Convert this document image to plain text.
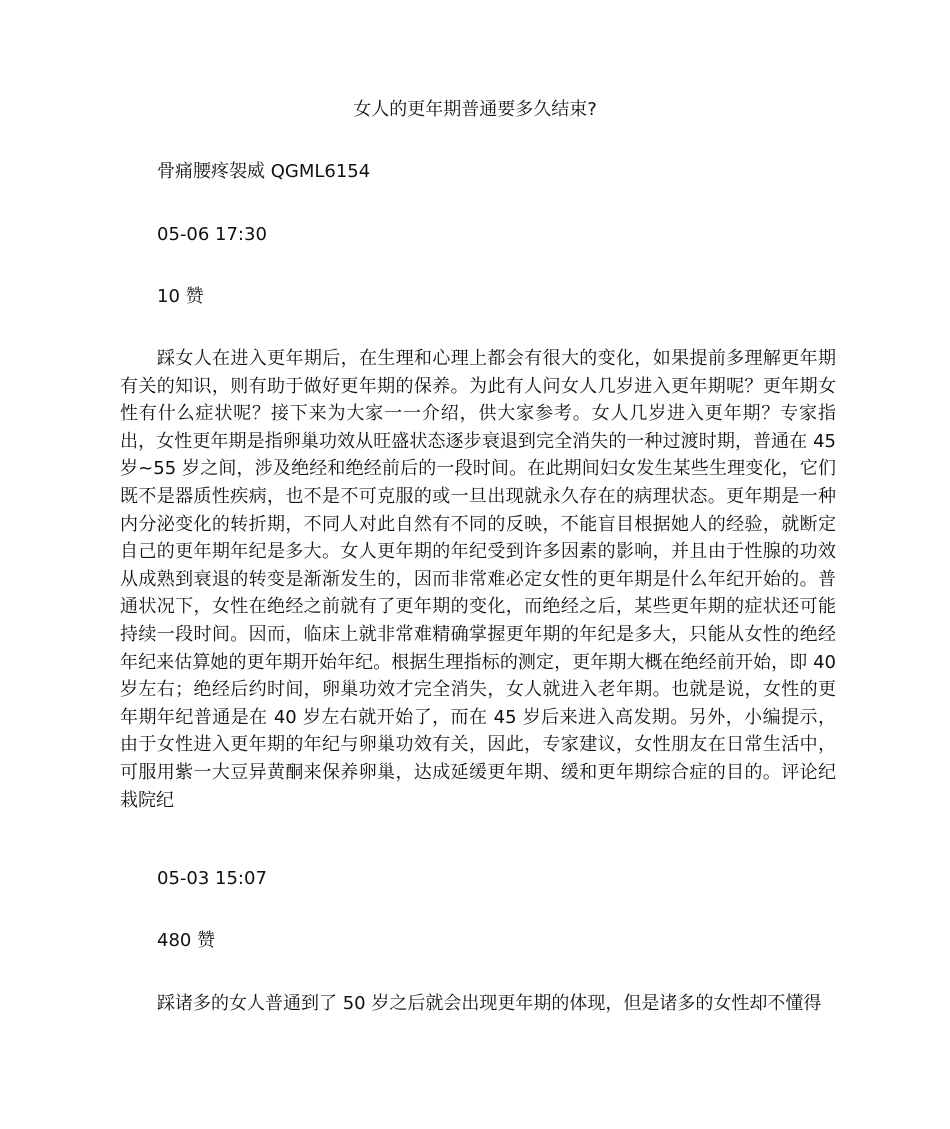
女人的更年期普通要多久结束?
骨痛腰疼袈威 QGML6154
05-06 17:30
10 赞

踩女人在进入更年期后，在生理和心理上都会有很大的变化，如果提前多理解更年期有关的知识，则有助于做好更年期的保养。为此有人问女人几岁进入更年期呢？更年期女性有什么症状呢？接下来为大家一一介绍，供大家参考。女人几岁进入更年期？专家指出，女性更年期是指卵巢功效从旺盛状态逐步衰退到完全消失的一种过渡时期，普通在 45 岁~55 岁之间，涉及绝经和绝经前后的一段时间。在此期间妇女发生某些生理变化，它们既不是器质性疾病，也不是不可克服的或一旦出现就永久存在的病理状态。更年期是一种内分泌变化的转折期，不同人对此自然有不同的反映，不能盲目根据她人的经验，就断定自己的更年期年纪是多大。女人更年期的年纪受到许多因素的影响，并且由于性腺的功效从成熟到衰退的转变是渐渐发生的，因而非常难必定女性的更年期是什么年纪开始的。普通状况下，女性在绝经之前就有了更年期的变化，而绝经之后，某些更年期的症状还可能持续一段时间。因而，临床上就非常难精确掌握更年期的年纪是多大，只能从女性的绝经年纪来估算她的更年期开始年纪。根据生理指标的测定，更年期大概在绝经前开始，即 40 岁左右；绝经后约时间，卵巢功效才完全消失，女人就进入老年期。也就是说，女性的更年期年纪普通是在 40 岁左右就开始了，而在 45 岁后来进入高发期。另外，小编提示，由于女性进入更年期的年纪与卵巢功效有关，因此，专家建议，女性朋友在日常生活中，可服用紫一大豆异黄酮来保养卵巢，达成延缓更年期、缓和更年期综合症的目的。评论纪栽院纪

05-03 15:07
480 赞

踩诸多的女人普通到了 50 岁之后就会出现更年期的体现，但是诸多的女性却不懂得
